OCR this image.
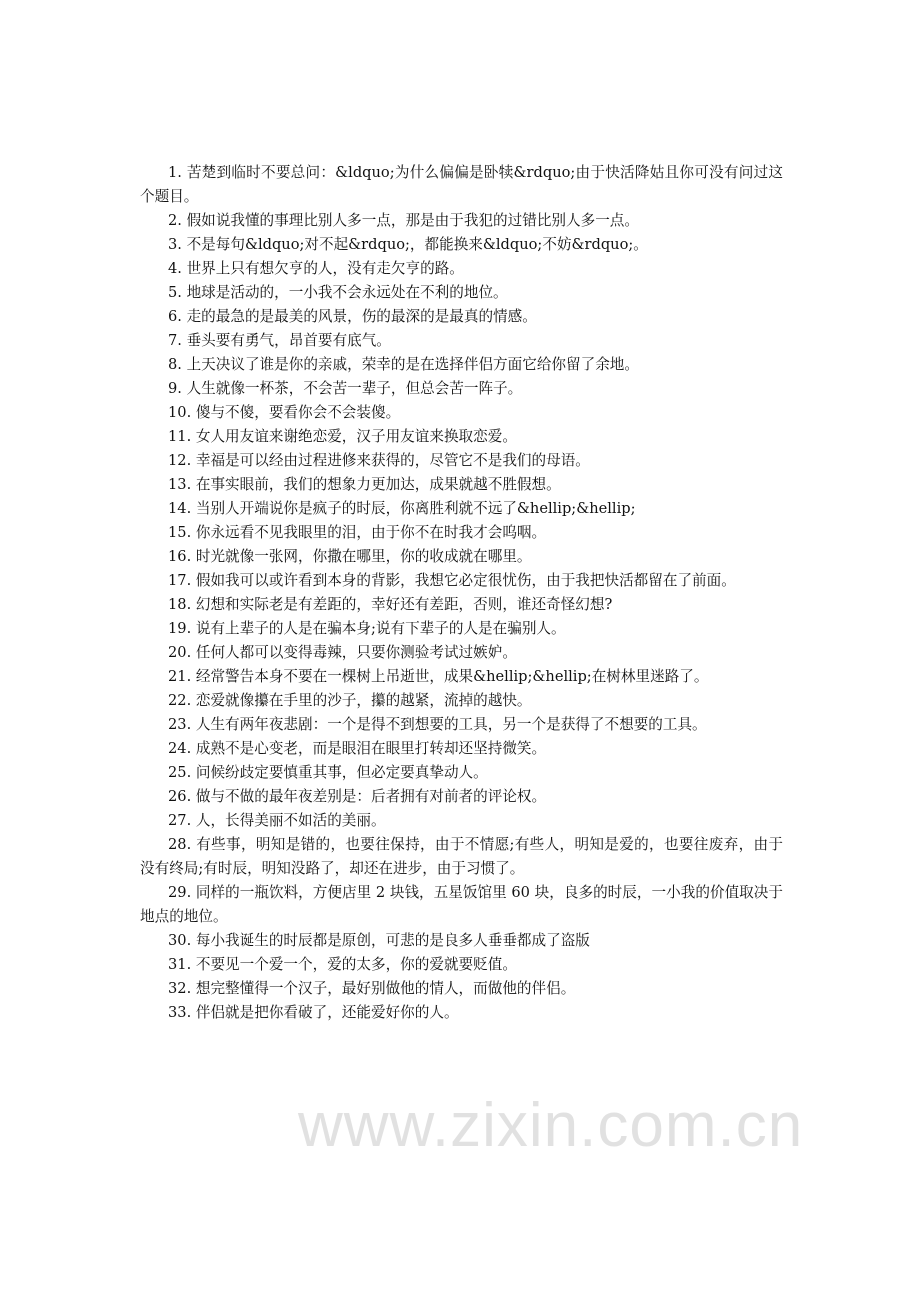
1. 苦楚到临时不要总问：&ldquo;为什么偏偏是卧犊&rdquo;由于快活降姑且你可没有问过这个题目。

2. 假如说我懂的事理比别人多一点，那是由于我犯的过错比别人多一点。

3. 不是每句&ldquo;对不起&rdquo;，都能换来&ldquo;不妨&rdquo;。

4. 世界上只有想欠亨的人，没有走欠亨的路。

5. 地球是活动的，一小我不会永远处在不利的地位。

6. 走的最急的是最美的风景，伤的最深的是最真的情感。

7. 垂头要有勇气，昂首要有底气。

8. 上天决议了谁是你的亲戚，荣幸的是在选择伴侣方面它给你留了余地。

9. 人生就像一杯茶，不会苦一辈子，但总会苦一阵子。

10. 傻与不傻，要看你会不会装傻。

11. 女人用友谊来谢绝恋爱，汉子用友谊来换取恋爱。

12. 幸福是可以经由过程进修来获得的，尽管它不是我们的母语。

13. 在事实眼前，我们的想象力更加达，成果就越不胜假想。

14. 当别人开端说你是疯子的时辰，你离胜利就不远了&hellip;&hellip;

15. 你永远看不见我眼里的泪，由于你不在时我才会呜咽。

16. 时光就像一张网，你撒在哪里，你的收成就在哪里。

17. 假如我可以或许看到本身的背影，我想它必定很忧伤，由于我把快活都留在了前面。

18. 幻想和实际老是有差距的，幸好还有差距，否则，谁还奇怪幻想?

19. 说有上辈子的人是在骗本身;说有下辈子的人是在骗别人。

20. 任何人都可以变得毒辣，只要你测验考试过嫉妒。

21. 经常警告本身不要在一棵树上吊逝世，成果&hellip;&hellip;在树林里迷路了。

22. 恋爱就像攥在手里的沙子，攥的越紧，流掉的越快。

23. 人生有两年夜悲剧：一个是得不到想要的工具，另一个是获得了不想要的工具。

24. 成熟不是心变老，而是眼泪在眼里打转却还坚持微笑。

25. 问候纷歧定要慎重其事，但必定要真挚动人。

26. 做与不做的最年夜差别是：后者拥有对前者的评论权。

27. 人，长得美丽不如活的美丽。

28. 有些事，明知是错的，也要往保持，由于不情愿;有些人，明知是爱的，也要往废弃，由于没有终局;有时辰，明知没路了，却还在进步，由于习惯了。

29. 同样的一瓶饮料，方便店里 2 块钱，五星饭馆里 60 块，良多的时辰，一小我的价值取决于地点的地位。

30. 每小我诞生的时辰都是原创，可悲的是良多人垂垂都成了盗版

31. 不要见一个爱一个，爱的太多，你的爱就要贬值。

32. 想完整懂得一个汉子，最好别做他的情人，而做他的伴侣。

33. 伴侣就是把你看破了，还能爱好你的人。

www.zixin.com.cn
